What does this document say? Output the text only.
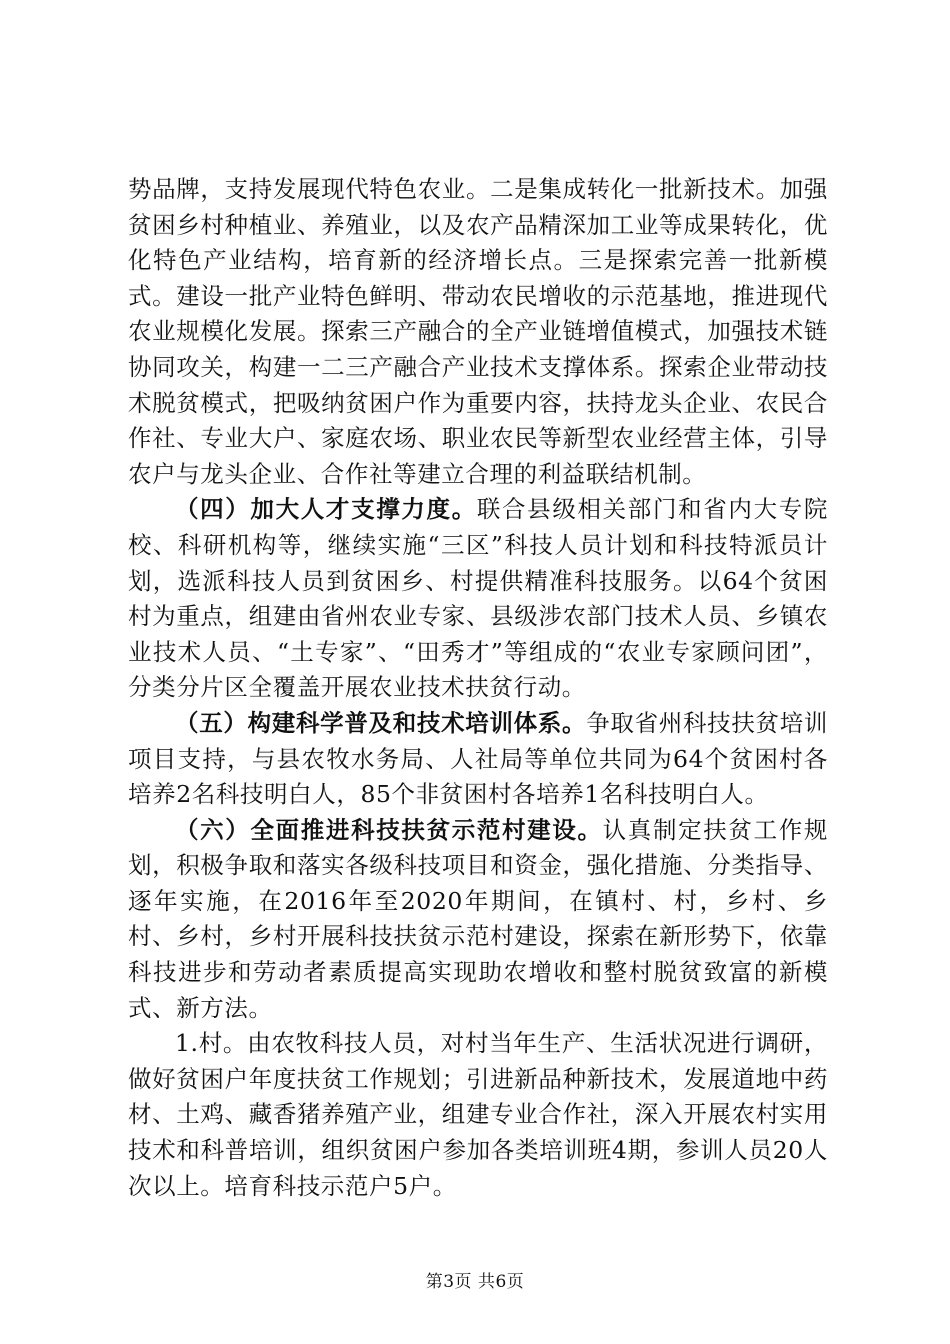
势品牌，支持发展现代特色农业。二是集成转化一批新技术。加强贫困乡村种植业、养殖业，以及农产品精深加工业等成果转化，优化特色产业结构，培育新的经济增长点。三是探索完善一批新模式。建设一批产业特色鲜明、带动农民增收的示范基地，推进现代农业规模化发展。探索三产融合的全产业链增值模式，加强技术链协同攻关，构建一二三产融合产业技术支撑体系。探索企业带动技术脱贫模式，把吸纳贫困户作为重要内容，扶持龙头企业、农民合作社、专业大户、家庭农场、职业农民等新型农业经营主体，引导农户与龙头企业、合作社等建立合理的利益联结机制。

（四）加大人才支撑力度。联合县级相关部门和省内大专院校、科研机构等，继续实施“三区”科技人员计划和科技特派员计划，选派科技人员到贫困乡、村提供精准科技服务。以64个贫困村为重点，组建由省州农业专家、县级涉农部门技术人员、乡镇农业技术人员、“土专家”、“田秀才”等组成的“农业专家顾问团”，分类分片区全覆盖开展农业技术扶贫行动。

（五）构建科学普及和技术培训体系。争取省州科技扶贫培训项目支持，与县农牧水务局、人社局等单位共同为64个贫困村各培养2名科技明白人，85个非贫困村各培养1名科技明白人。

（六）全面推进科技扶贫示范村建设。认真制定扶贫工作规划，积极争取和落实各级科技项目和资金，强化措施、分类指导、逐年实施，在2016年至2020年期间，在镇村、村，乡村、乡村、乡村，乡村开展科技扶贫示范村建设，探索在新形势下，依靠科技进步和劳动者素质提高实现助农增收和整村脱贫致富的新模式、新方法。

1.村。由农牧科技人员，对村当年生产、生活状况进行调研，做好贫困户年度扶贫工作规划；引进新品种新技术，发展道地中药材、土鸡、藏香猪养殖产业，组建专业合作社，深入开展农村实用技术和科普培训，组织贫困户参加各类培训班4期，参训人员20人次以上。培育科技示范户5户。

第3页 共6页
